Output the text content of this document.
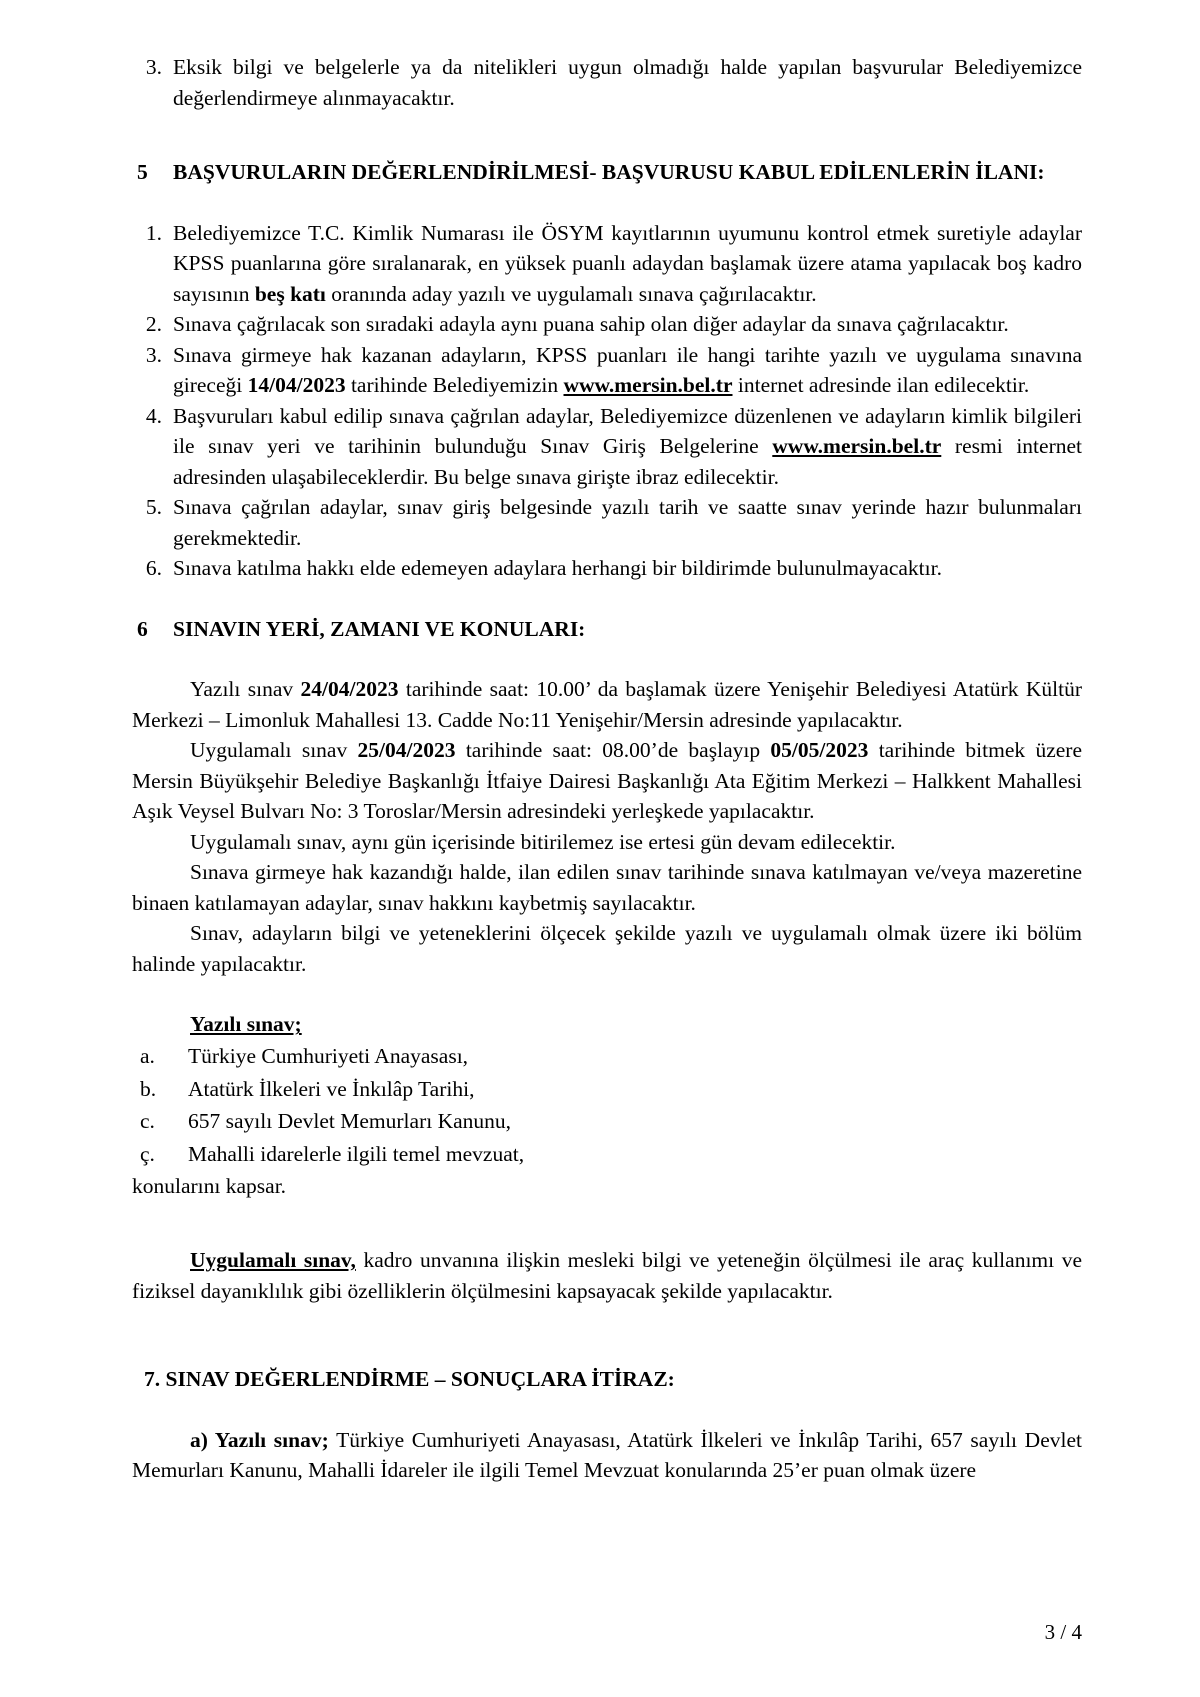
3. Eksik bilgi ve belgelerle ya da nitelikleri uygun olmadığı halde yapılan başvurular Belediyemizce değerlendirmeye alınmayacaktır.
5 BAŞVURULARIN DEĞERLENDİRİLMESİ- BAŞVURUSU KABUL EDİLENLERİN İLANI:
1. Belediyemizce T.C. Kimlik Numarası ile ÖSYM kayıtlarının uyumunu kontrol etmek suretiyle adaylar KPSS puanlarına göre sıralanarak, en yüksek puanlı adaydan başlamak üzere atama yapılacak boş kadro sayısının beş katı oranında aday yazılı ve uygulamalı sınava çağırılacaktır.
2. Sınava çağrılacak son sıradaki adayla aynı puana sahip olan diğer adaylar da sınava çağrılacaktır.
3. Sınava girmeye hak kazanan adayların, KPSS puanları ile hangi tarihte yazılı ve uygulama sınavına gireceği 14/04/2023 tarihinde Belediyemizin www.mersin.bel.tr internet adresinde ilan edilecektir.
4. Başvuruları kabul edilip sınava çağrılan adaylar, Belediyemizce düzenlenen ve adayların kimlik bilgileri ile sınav yeri ve tarihinin bulunduğu Sınav Giriş Belgelerine www.mersin.bel.tr resmi internet adresinden ulaşabileceklerdir. Bu belge sınava girişte ibraz edilecektir.
5. Sınava çağrılan adaylar, sınav giriş belgesinde yazılı tarih ve saatte sınav yerinde hazır bulunmaları gerekmektedir.
6. Sınava katılma hakkı elde edemeyen adaylara herhangi bir bildirimde bulunulmayacaktır.
6 SINAVIN YERİ, ZAMANI VE KONULARI:

Yazılı sınav 24/04/2023 tarihinde saat: 10.00’ da başlamak üzere Yenişehir Belediyesi Atatürk Kültür Merkezi – Limonluk Mahallesi 13. Cadde No:11 Yenişehir/Mersin adresinde yapılacaktır.

Uygulamalı sınav 25/04/2023 tarihinde saat: 08.00’de başlayıp 05/05/2023 tarihinde bitmek üzere Mersin Büyükşehir Belediye Başkanlığı İtfaiye Dairesi Başkanlığı Ata Eğitim Merkezi – Halkkent Mahallesi Aşık Veysel Bulvarı No: 3 Toroslar/Mersin adresindeki yerleşkede yapılacaktır.

Uygulamalı sınav, aynı gün içerisinde bitirilemez ise ertesi gün devam edilecektir.

Sınava girmeye hak kazandığı halde, ilan edilen sınav tarihinde sınava katılmayan ve/veya mazeretine binaen katılamayan adaylar, sınav hakkını kaybetmiş sayılacaktır.

Sınav, adayların bilgi ve yeteneklerini ölçecek şekilde yazılı ve uygulamalı olmak üzere iki bölüm halinde yapılacaktır.

Yazılı sınav;
a.	Türkiye Cumhuriyeti Anayasası,
b.	Atatürk İlkeleri ve İnkılâp Tarihi,
c.	657 sayılı Devlet Memurları Kanunu,
ç.	Mahalli idarelerle ilgili temel mevzuat,
konularını kapsar.

Uygulamalı sınav, kadro unvanına ilişkin mesleki bilgi ve yeteneğin ölçülmesi ile araç kullanımı ve fiziksel dayanıklılık gibi özelliklerin ölçülmesini kapsayacak şekilde yapılacaktır.

7. SINAV DEĞERLENDİRME – SONUÇLARA İTİRAZ:

a) Yazılı sınav; Türkiye Cumhuriyeti Anayasası, Atatürk İlkeleri ve İnkılâp Tarihi, 657 sayılı Devlet Memurları Kanunu, Mahalli İdareler ile ilgili Temel Mevzuat konularında 25’er puan olmak üzere

3 / 4
